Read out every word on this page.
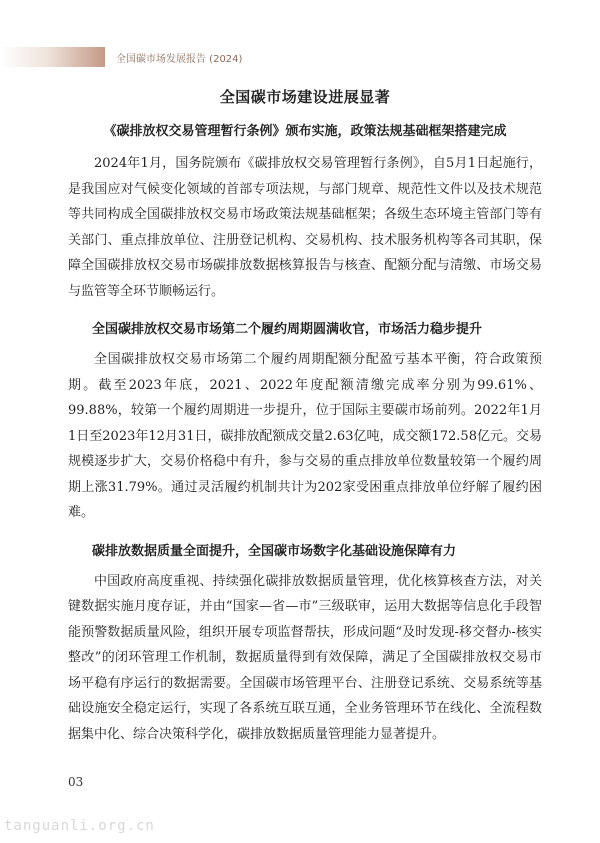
全国碳市场发展报告 (2024)
全国碳市场建设进展显著
《碳排放权交易管理暂行条例》颁布实施，政策法规基础框架搭建完成

2024年1月，国务院颁布《碳排放权交易管理暂行条例》，自5月1日起施行，是我国应对气候变化领域的首部专项法规，与部门规章、规范性文件以及技术规范等共同构成全国碳排放权交易市场政策法规基础框架；各级生态环境主管部门等有关部门、重点排放单位、注册登记机构、交易机构、技术服务机构等各司其职，保障全国碳排放权交易市场碳排放数据核算报告与核查、配额分配与清缴、市场交易与监管等全环节顺畅运行。

全国碳排放权交易市场第二个履约周期圆满收官，市场活力稳步提升

全国碳排放权交易市场第二个履约周期配额分配盈亏基本平衡，符合政策预期。截至2023年底，2021、2022年度配额清缴完成率分别为99.61%、99.88%，较第一个履约周期进一步提升，位于国际主要碳市场前列。2022年1月1日至2023年12月31日，碳排放配额成交量2.63亿吨，成交额172.58亿元。交易规模逐步扩大，交易价格稳中有升，参与交易的重点排放单位数量较第一个履约周期上涨31.79%。通过灵活履约机制共计为202家受困重点排放单位纾解了履约困难。

碳排放数据质量全面提升，全国碳市场数字化基础设施保障有力

中国政府高度重视、持续强化碳排放数据质量管理，优化核算核查方法，对关键数据实施月度存证，并由“国家—省—市”三级联审，运用大数据等信息化手段智能预警数据质量风险，组织开展专项监督帮扶，形成问题“及时发现-移交督办-核实整改”的闭环管理工作机制，数据质量得到有效保障，满足了全国碳排放权交易市场平稳有序运行的数据需要。全国碳市场管理平台、注册登记系统、交易系统等基础设施安全稳定运行，实现了各系统互联互通，全业务管理环节在线化、全流程数据集中化、综合决策科学化，碳排放数据质量管理能力显著提升。

03
tanguanli.org.cn
